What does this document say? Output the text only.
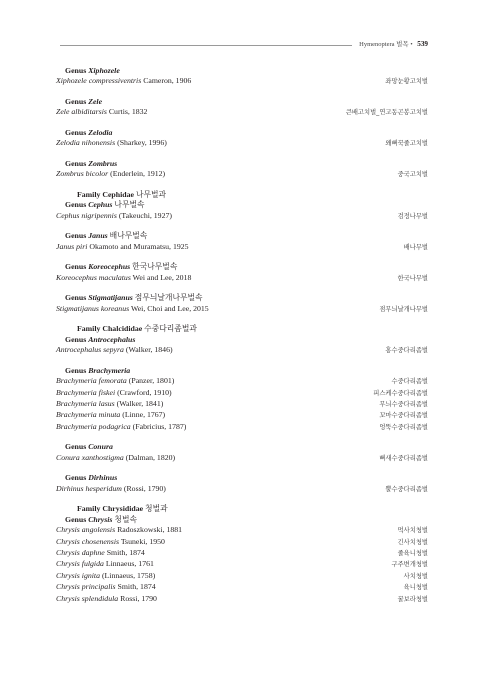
Hymenoptera 벌목 • 539
Genus Xiphozele
Xiphozele compressiventris Cameron, 1906	좌망눈황고치벌
Genus Zele
Zele albiditarsis Curtis, 1832	큰배고치벌_연고동곤봉고치벌
Genus Zelodia
Zelodia nihonensis (Sharkey, 1996)	왜뻐꾹줄고치벌
Genus Zombrus
Zombrus bicolor (Enderlein, 1912)	중국고치벌
Family Cephidae 나무벌과
Genus Cephus 나무벌속
Cephus nigripennis (Takeuchi, 1927)	검정나무벌
Genus Janus 배나무벌속
Janus piri Okamoto and Muramatsu, 1925	배나무벌
Genus Koreocephus 한국나무벌속
Koreocephus maculatus Wei and Lee, 2018	한국나무벌
Genus Stigmatijanus 점무늬날개나무벌속
Stigmatijanus koreanus Wei, Choi and Lee, 2015	점무늬날개나무벌
Family Chalcididae 수중다리좀벌과
Genus Antrocephalus
Antrocephalus sepyra (Walker, 1846)	홍수중다리좀벌
Genus Brachymeria
Brachymeria femorata (Panzer, 1801)	수중다리좀벌
Brachymeria fiskei (Crawford, 1910)	피스케수중다리좀벌
Brachymeria lasus (Walker, 1841)	무늬수중다리좀벌
Brachymeria minuta (Linne, 1767)	꼬마수중다리좀벌
Brachymeria podagrica (Fabricius, 1787)	엉뚝수중다리좀벌
Genus Conura
Conura xanthostigma (Dalman, 1820)	뻐새수중다리좀벌
Genus Dirhinus
Dirhinus hesperidum (Rossi, 1790)	뿔수중다리좀벌
Family Chrysididae 청벌과
Genus Chrysis 청벌속
Chrysis angolensis Radoszkowski, 1881	먹사치청벌
Chrysis chosenensis Tsuneki, 1950	긴사치청벌
Chrysis daphne Smith, 1874	줄육니청벌
Chrysis fulgida Linnaeus, 1761	구주변개청벌
Chrysis ignita (Linnaeus, 1758)	사치청벌
Chrysis principalis Smith, 1874	육니청벌
Chrysis splendidula Rossi, 1790	꿀보라청벌
